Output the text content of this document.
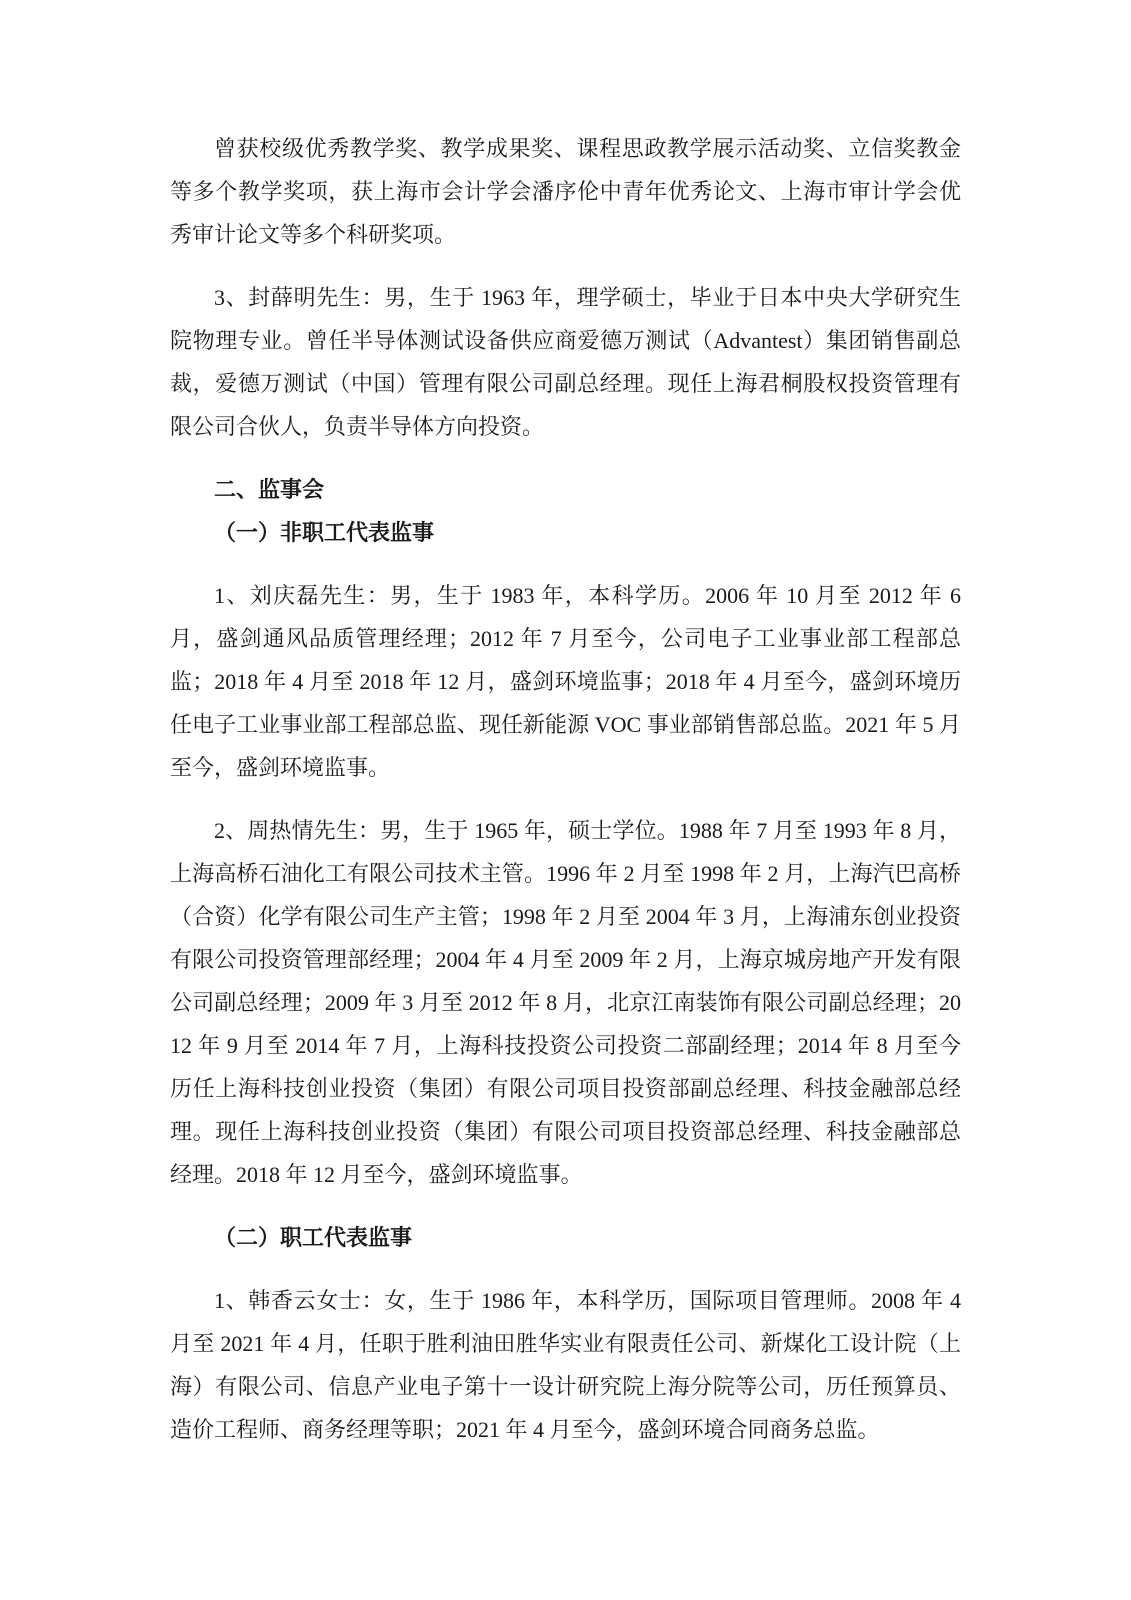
曾获校级优秀教学奖、教学成果奖、课程思政教学展示活动奖、立信奖教金等多个教学奖项，获上海市会计学会潘序伦中青年优秀论文、上海市审计学会优秀审计论文等多个科研奖项。

3、封薛明先生：男，生于 1963 年，理学硕士，毕业于日本中央大学研究生院物理专业。曾任半导体测试设备供应商爱德万测试（Advantest）集团销售副总裁，爱德万测试（中国）管理有限公司副总经理。现任上海君桐股权投资管理有限公司合伙人，负责半导体方向投资。

二、监事会
（一）非职工代表监事

1、刘庆磊先生：男，生于 1983 年，本科学历。2006 年 10 月至 2012 年 6 月，盛剑通风品质管理经理；2012 年 7 月至今，公司电子工业事业部工程部总监；2018 年 4 月至 2018 年 12 月，盛剑环境监事；2018 年 4 月至今，盛剑环境历任电子工业事业部工程部总监、现任新能源 VOC 事业部销售部总监。2021 年 5 月至今，盛剑环境监事。

2、周热情先生：男，生于 1965 年，硕士学位。1988 年 7 月至 1993 年 8 月，上海高桥石油化工有限公司技术主管。1996 年 2 月至 1998 年 2 月，上海汽巴高桥（合资）化学有限公司生产主管；1998 年 2 月至 2004 年 3 月，上海浦东创业投资有限公司投资管理部经理；2004 年 4 月至 2009 年 2 月，上海京城房地产开发有限公司副总经理；2009 年 3 月至 2012 年 8 月，北京江南装饰有限公司副总经理；2012 年 9 月至 2014 年 7 月，上海科技投资公司投资二部副经理；2014 年 8 月至今历任上海科技创业投资（集团）有限公司项目投资部副总经理、科技金融部总经理。现任上海科技创业投资（集团）有限公司项目投资部总经理、科技金融部总经理。2018 年 12 月至今，盛剑环境监事。

（二）职工代表监事

1、韩香云女士：女，生于 1986 年，本科学历，国际项目管理师。2008 年 4 月至 2021 年 4 月，任职于胜利油田胜华实业有限责任公司、新煤化工设计院（上海）有限公司、信息产业电子第十一设计研究院上海分院等公司，历任预算员、造价工程师、商务经理等职；2021 年 4 月至今，盛剑环境合同商务总监。
